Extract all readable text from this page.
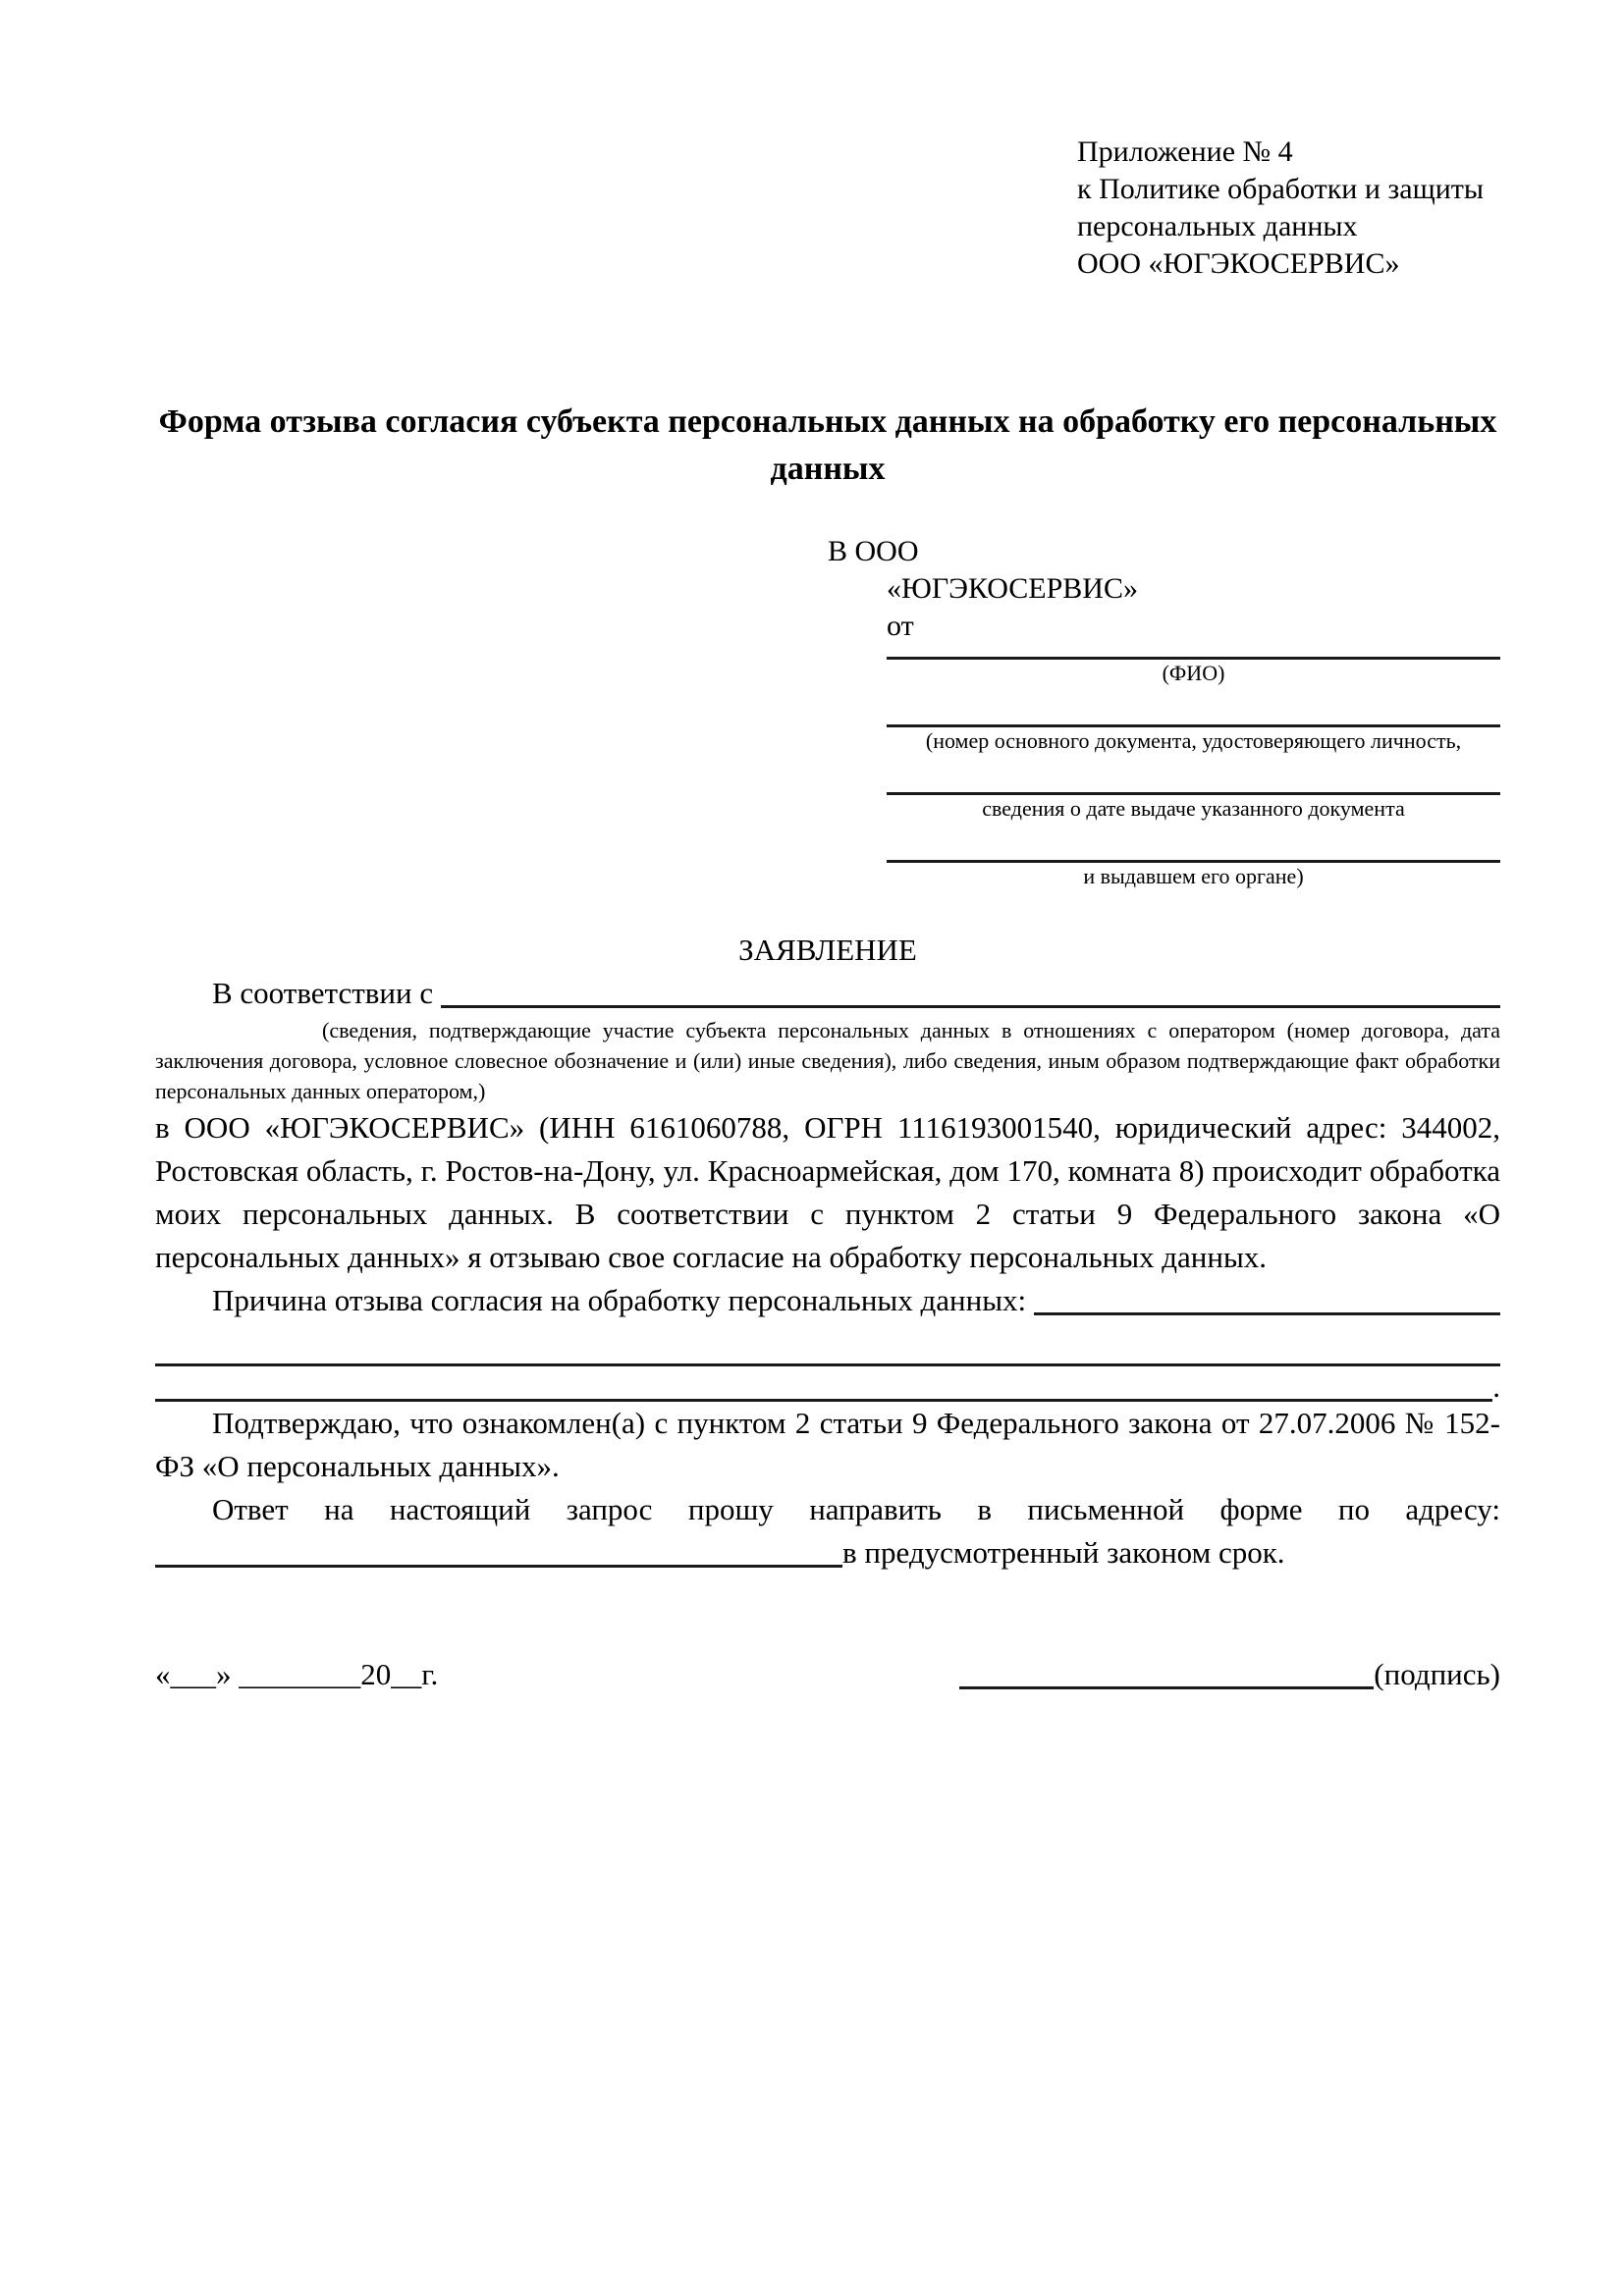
Приложение № 4
к Политике обработки и защиты
персональных данных
ООО «ЮГЭКОСЕРВИС»
Форма отзыва согласия субъекта персональных данных на обработку его персональных данных
В ООО
«ЮГЭКОСЕРВИС»
от
(ФИО)
(номер основного документа, удостоверяющего личность,
сведения о дате выдаче указанного документа
и выдавшем его органе)
ЗАЯВЛЕНИЕ
В соответствии с
(сведения, подтверждающие участие субъекта персональных данных в отношениях с оператором (номер договора, дата заключения договора, условное словесное обозначение и (или) иные сведения), либо сведения, иным образом подтверждающие факт обработки персональных данных оператором,)
в ООО «ЮГЭКОСЕРВИС» (ИНН 6161060788, ОГРН 1116193001540, юридический адрес: 344002, Ростовская область, г. Ростов-на-Дону, ул. Красноармейская, дом 170, комната 8) происходит обработка моих персональных данных. В соответствии с пунктом 2 статьи 9 Федерального закона «О персональных данных» я отзываю свое согласие на обработку персональных данных.
Причина отзыва согласия на обработку персональных данных:
.
Подтверждаю, что ознакомлен(а) с пунктом 2 статьи 9 Федерального закона от 27.07.2006 № 152-ФЗ «О персональных данных».
Ответ на настоящий запрос прошу направить в письменной форме по адресу:
в предусмотренный законом срок.
«___» ________20__г.	(подпись)
